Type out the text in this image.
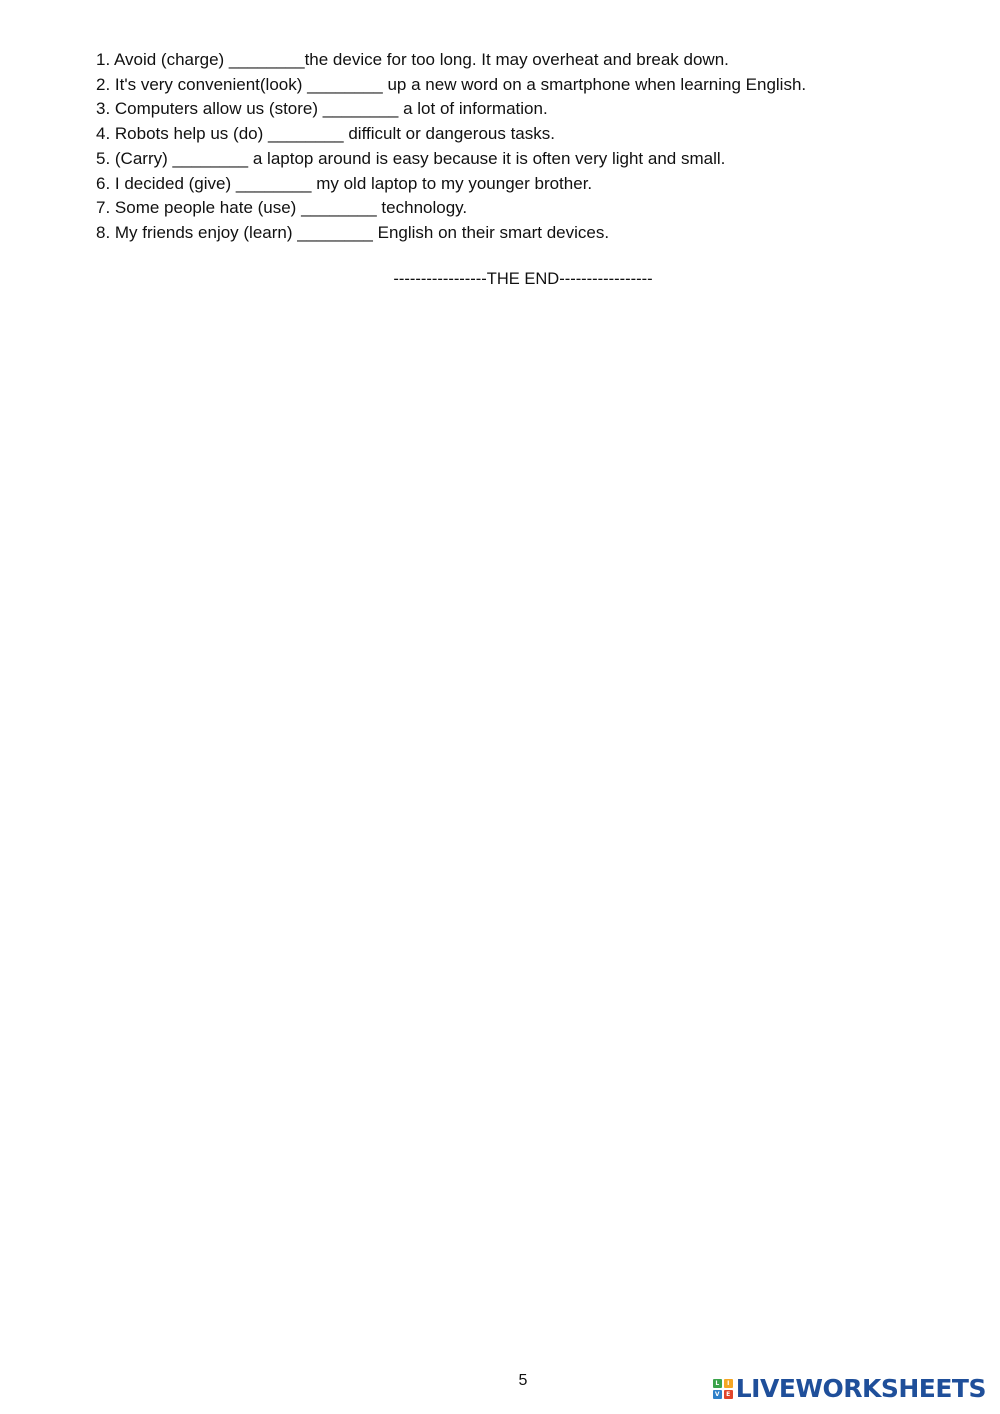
1. Avoid (charge) ________the device for too long. It may overheat and break down.
2. It's very convenient(look) ________ up a new word on a smartphone when learning English.
3. Computers allow us (store) ________ a lot of information.
4. Robots help us (do) ________ difficult or dangerous tasks.
5. (Carry) ________ a laptop around is easy because it is often very light and small.
6. I decided (give) ________ my old laptop to my younger brother.
7. Some people hate (use) ________ technology.
8. My friends enjoy (learn) ________ English on their smart devices.
-----------------THE END-----------------
5	L	I
V	E LIVEWORKSHEETS
